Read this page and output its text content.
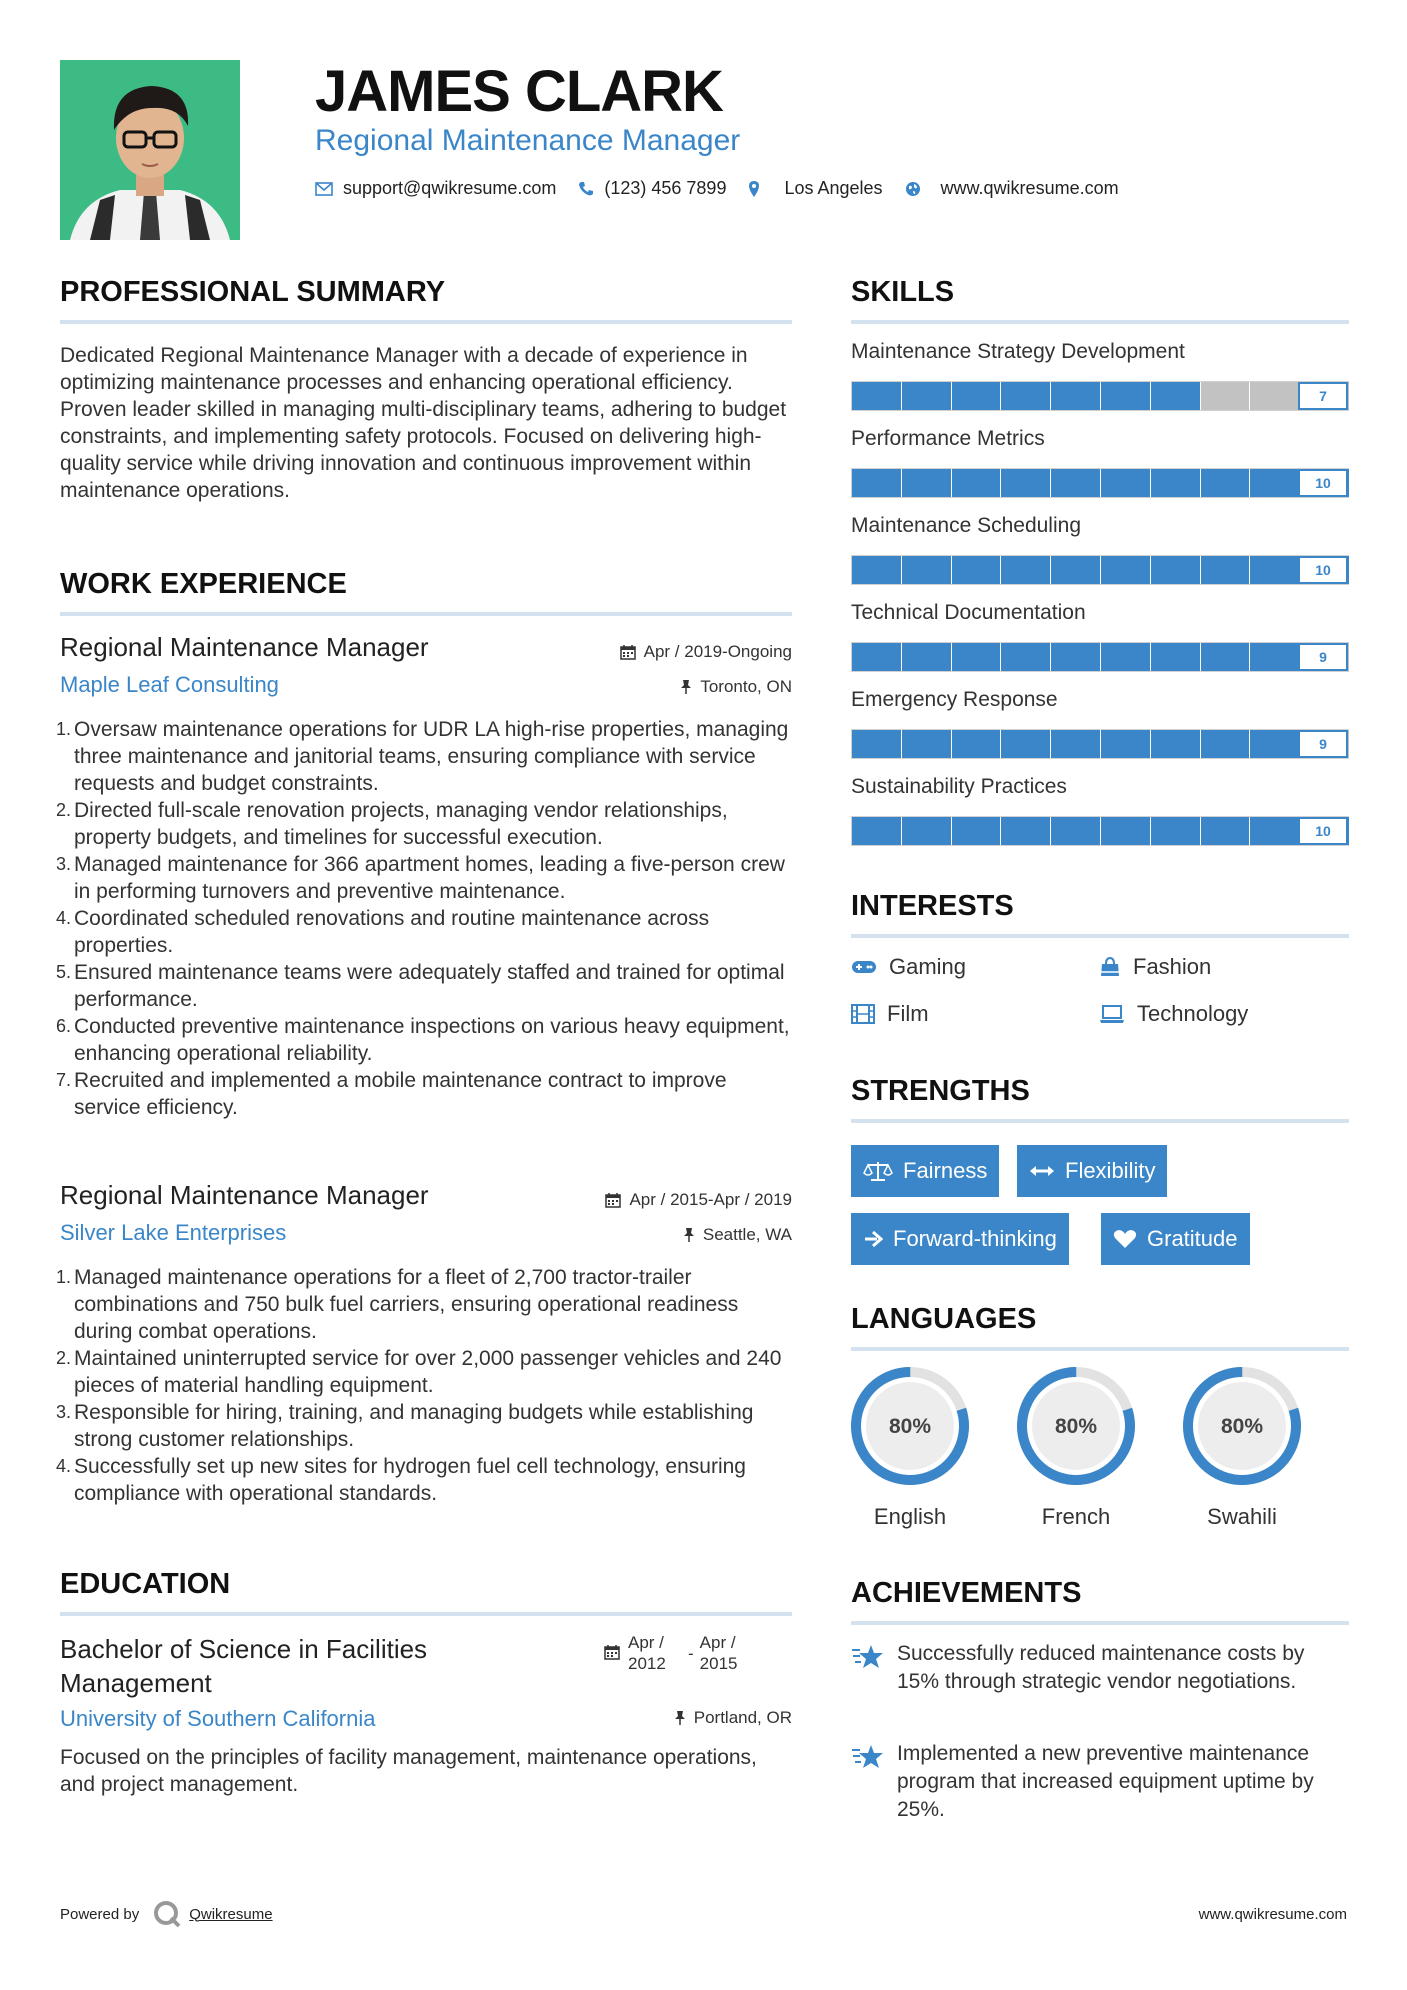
JAMES CLARK
Regional Maintenance Manager
support@qwikresume.com	(123) 456 7899	Los Angeles	www.qwikresume.com
PROFESSIONAL SUMMARY
Dedicated Regional Maintenance Manager with a decade of experience in optimizing maintenance processes and enhancing operational efficiency. Proven leader skilled in managing multi-disciplinary teams, adhering to budget constraints, and implementing safety protocols. Focused on delivering high-quality service while driving innovation and continuous improvement within maintenance operations.
WORK EXPERIENCE
Regional Maintenance Manager
Maple Leaf Consulting
Apr / 2019-Ongoing
Toronto, ON
1. Oversaw maintenance operations for UDR LA high-rise properties, managing three maintenance and janitorial teams, ensuring compliance with service requests and budget constraints.
2. Directed full-scale renovation projects, managing vendor relationships, property budgets, and timelines for successful execution.
3. Managed maintenance for 366 apartment homes, leading a five-person crew in performing turnovers and preventive maintenance.
4. Coordinated scheduled renovations and routine maintenance across properties.
5. Ensured maintenance teams were adequately staffed and trained for optimal performance.
6. Conducted preventive maintenance inspections on various heavy equipment, enhancing operational reliability.
7. Recruited and implemented a mobile maintenance contract to improve service efficiency.
Regional Maintenance Manager
Silver Lake Enterprises
Apr / 2015-Apr / 2019
Seattle, WA
1. Managed maintenance operations for a fleet of 2,700 tractor-trailer combinations and 750 bulk fuel carriers, ensuring operational readiness during combat operations.
2. Maintained uninterrupted service for over 2,000 passenger vehicles and 240 pieces of material handling equipment.
3. Responsible for hiring, training, and managing budgets while establishing strong customer relationships.
4. Successfully set up new sites for hydrogen fuel cell technology, ensuring compliance with operational standards.
EDUCATION
Bachelor of Science in Facilities Management
Apr / 2012
-
Apr / 2015
University of Southern California	Portland, OR
Focused on the principles of facility management, maintenance operations, and project management.
SKILLS
Maintenance Strategy Development
7
Performance Metrics
10
Maintenance Scheduling
10
Technical Documentation
9
Emergency Response
9
Sustainability Practices
10
INTERESTS
Gaming	Fashion
Film	Technology
STRENGTHS
Fairness	Flexibility
Forward-thinking	Gratitude
LANGUAGES
80%
English
80%
French
80%
Swahili
ACHIEVEMENTS
Successfully reduced maintenance costs by 15% through strategic vendor negotiations.
Implemented a new preventive maintenance program that increased equipment uptime by 25%.
Powered by	Qwikresume	www.qwikresume.com
